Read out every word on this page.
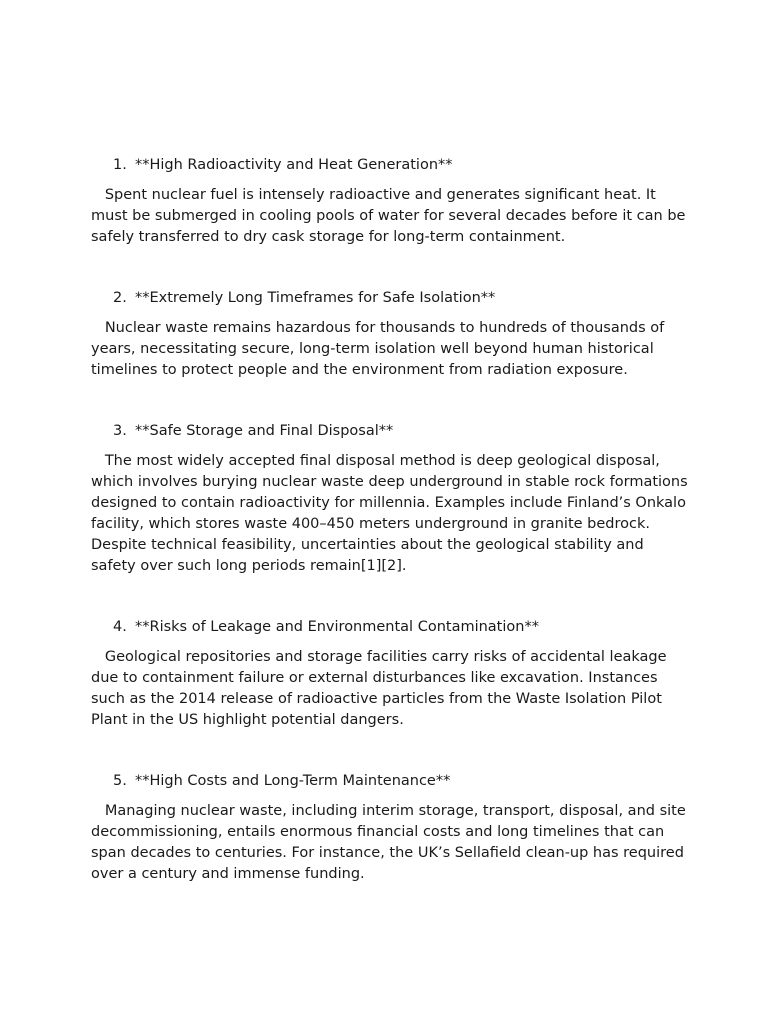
1. **High Radioactivity and Heat Generation**

Spent nuclear fuel is intensely radioactive and generates significant heat. It must be submerged in cooling pools of water for several decades before it can be safely transferred to dry cask storage for long-term containment.

2. **Extremely Long Timeframes for Safe Isolation**

Nuclear waste remains hazardous for thousands to hundreds of thousands of years, necessitating secure, long-term isolation well beyond human historical timelines to protect people and the environment from radiation exposure.

3. **Safe Storage and Final Disposal**

The most widely accepted final disposal method is deep geological disposal, which involves burying nuclear waste deep underground in stable rock formations designed to contain radioactivity for millennia. Examples include Finland’s Onkalo facility, which stores waste 400–450 meters underground in granite bedrock. Despite technical feasibility, uncertainties about the geological stability and safety over such long periods remain[1][2].

4. **Risks of Leakage and Environmental Contamination**

Geological repositories and storage facilities carry risks of accidental leakage due to containment failure or external disturbances like excavation. Instances such as the 2014 release of radioactive particles from the Waste Isolation Pilot Plant in the US highlight potential dangers.

5. **High Costs and Long-Term Maintenance**

Managing nuclear waste, including interim storage, transport, disposal, and site decommissioning, entails enormous financial costs and long timelines that can span decades to centuries. For instance, the UK’s Sellafield clean-up has required over a century and immense funding.
